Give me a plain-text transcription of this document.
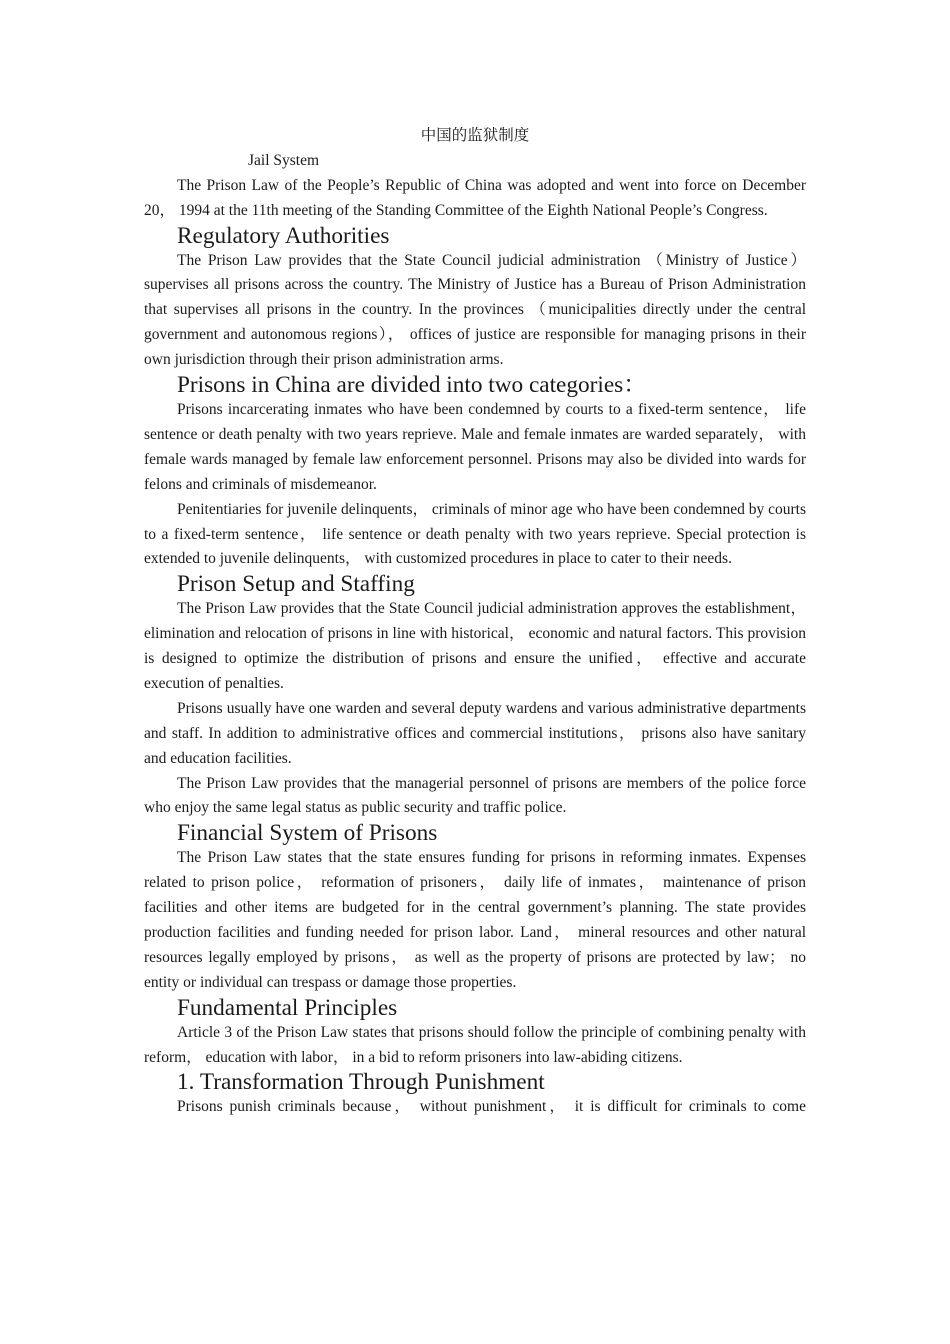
中国的监狱制度
Jail System

The Prison Law of the People’s Republic of China was adopted and went into force on December 20， 1994 at the 11th meeting of the Standing Committee of the Eighth National People’s Congress.

Regulatory Authorities

The Prison Law provides that the State Council judicial administration （Ministry of Justice） supervises all prisons across the country. The Ministry of Justice has a Bureau of Prison Administration that supervises all prisons in the country. In the provinces （municipalities directly under the central government and autonomous regions）， offices of justice are responsible for managing prisons in their own jurisdiction through their prison administration arms.

Prisons in China are divided into two categories：

Prisons incarcerating inmates who have been condemned by courts to a fixed-term sentence， life sentence or death penalty with two years reprieve. Male and female inmates are warded separately， with female wards managed by female law enforcement personnel. Prisons may also be divided into wards for felons and criminals of misdemeanor.

Penitentiaries for juvenile delinquents， criminals of minor age who have been condemned by courts to a fixed-term sentence， life sentence or death penalty with two years reprieve. Special protection is extended to juvenile delinquents， with customized procedures in place to cater to their needs.

Prison Setup and Staffing

The Prison Law provides that the State Council judicial administration approves the establishment， elimination and relocation of prisons in line with historical， economic and natural factors. This provision is designed to optimize the distribution of prisons and ensure the unified， effective and accurate execution of penalties.

Prisons usually have one warden and several deputy wardens and various administrative departments and staff. In addition to administrative offices and commercial institutions， prisons also have sanitary and education facilities.

The Prison Law provides that the managerial personnel of prisons are members of the police force who enjoy the same legal status as public security and traffic police.

Financial System of Prisons

The Prison Law states that the state ensures funding for prisons in reforming inmates. Expenses related to prison police， reformation of prisoners， daily life of inmates， maintenance of prison facilities and other items are budgeted for in the central government’s planning. The state provides production facilities and funding needed for prison labor. Land， mineral resources and other natural resources legally employed by prisons， as well as the property of prisons are protected by law； no entity or individual can trespass or damage those properties.

Fundamental Principles

Article 3 of the Prison Law states that prisons should follow the principle of combining penalty with reform， education with labor， in a bid to reform prisoners into law-abiding citizens.

1. Transformation Through Punishment

Prisons punish criminals because， without punishment， it is difficult for criminals to come
